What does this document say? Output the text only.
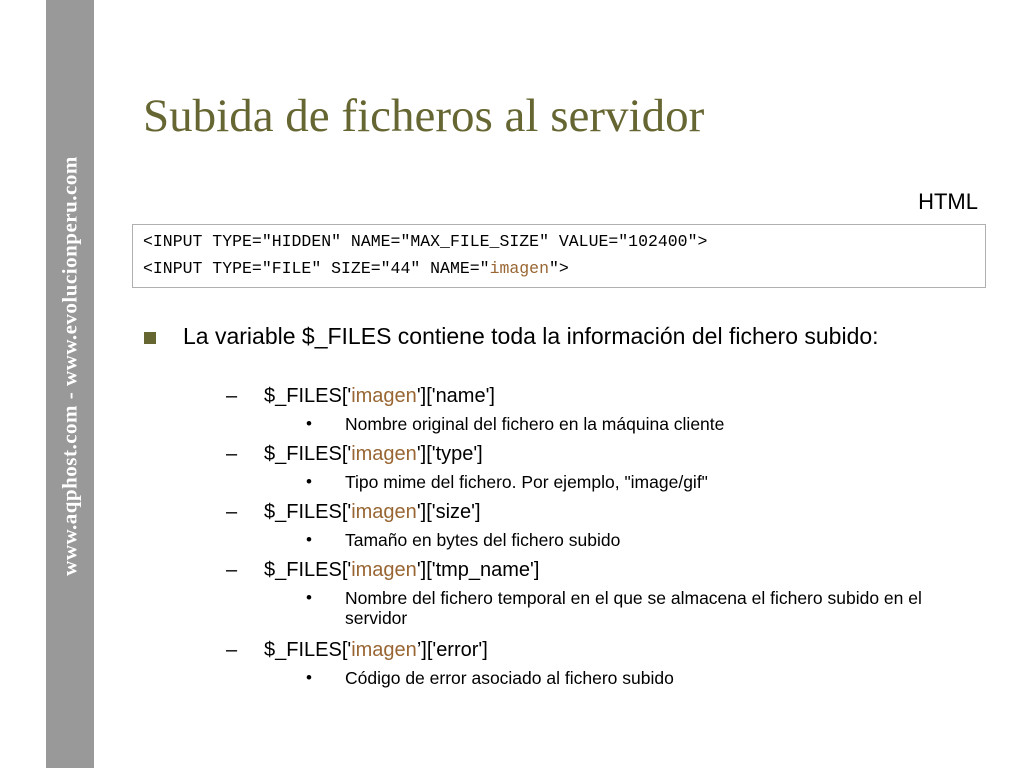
www.aqphost.com - www.evolucionperu.com
Subida de ficheros al servidor
HTML
<INPUT TYPE="HIDDEN" NAME="MAX_FILE_SIZE" VALUE="102400">
<INPUT TYPE="FILE" SIZE="44" NAME="imagen">
La variable $_FILES contiene toda la información del fichero subido:
– $_FILES['imagen']['name']
• Nombre original del fichero en la máquina cliente
– $_FILES['imagen']['type']
• Tipo mime del fichero. Por ejemplo, "image/gif"
– $_FILES['imagen']['size']
• Tamaño en bytes del fichero subido
– $_FILES['imagen']['tmp_name']
• Nombre del fichero temporal en el que se almacena el fichero subido en el servidor
– $_FILES['imagen’]['error']
• Código de error asociado al fichero subido
